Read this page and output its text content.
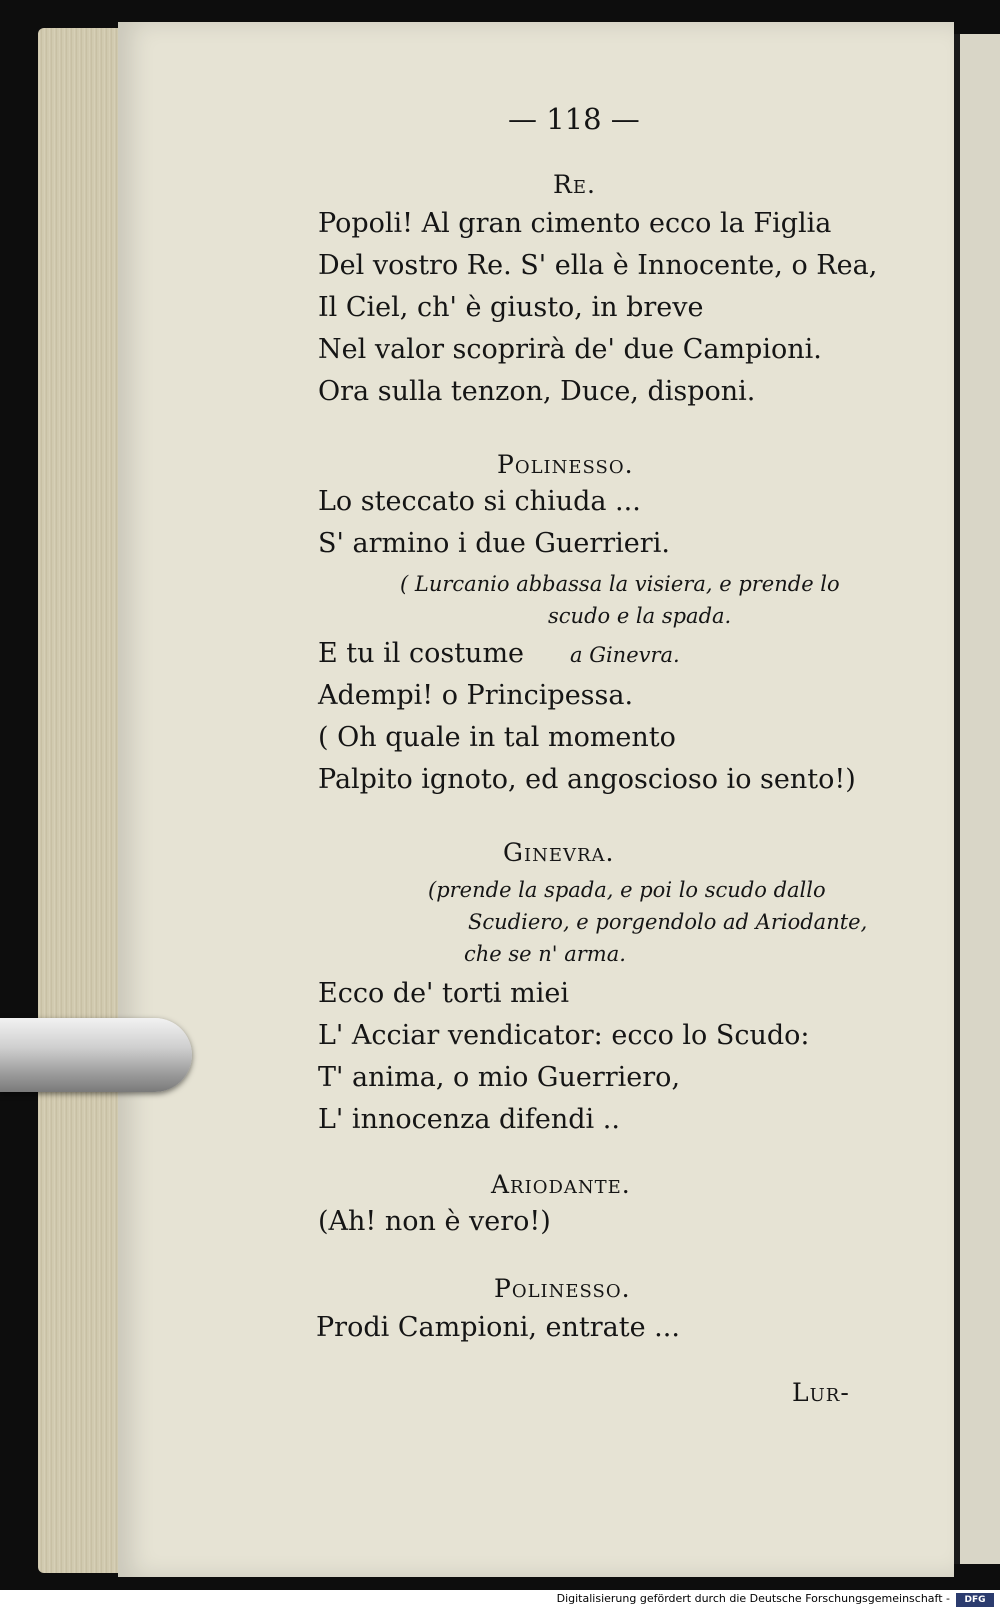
— 118 —
Re.
Popoli! Al gran cimento ecco la Figlia
Del vostro Re. S' ella è Innocente, o Rea,
Il Ciel, ch' è giusto, in breve
Nel valor scoprirà de' due Campioni.
Ora sulla tenzon, Duce, disponi.
Polinesso.
Lo steccato si chiuda ...
S' armino i due Guerrieri.
( Lurcanio abbassa la visiera, e prende lo
scudo e la spada.
E tu il costume a Ginevra.
Adempi! o Principessa.
( Oh quale in tal momento
Palpito ignoto, ed angoscioso io sento!)
Ginevra.
(prende la spada, e poi lo scudo dallo
Scudiero, e porgendolo ad Ariodante,
che se n' arma.
Ecco de' torti miei
L' Acciar vendicator: ecco lo Scudo:
T' anima, o mio Guerriero,
L' innocenza difendi ..
Ariodante.
(Ah! non è vero!)
Polinesso.
Prodi Campioni, entrate ...
Lur-
Digitalisierung gefördert durch die Deutsche Forschungsgemeinschaft -	DFG
